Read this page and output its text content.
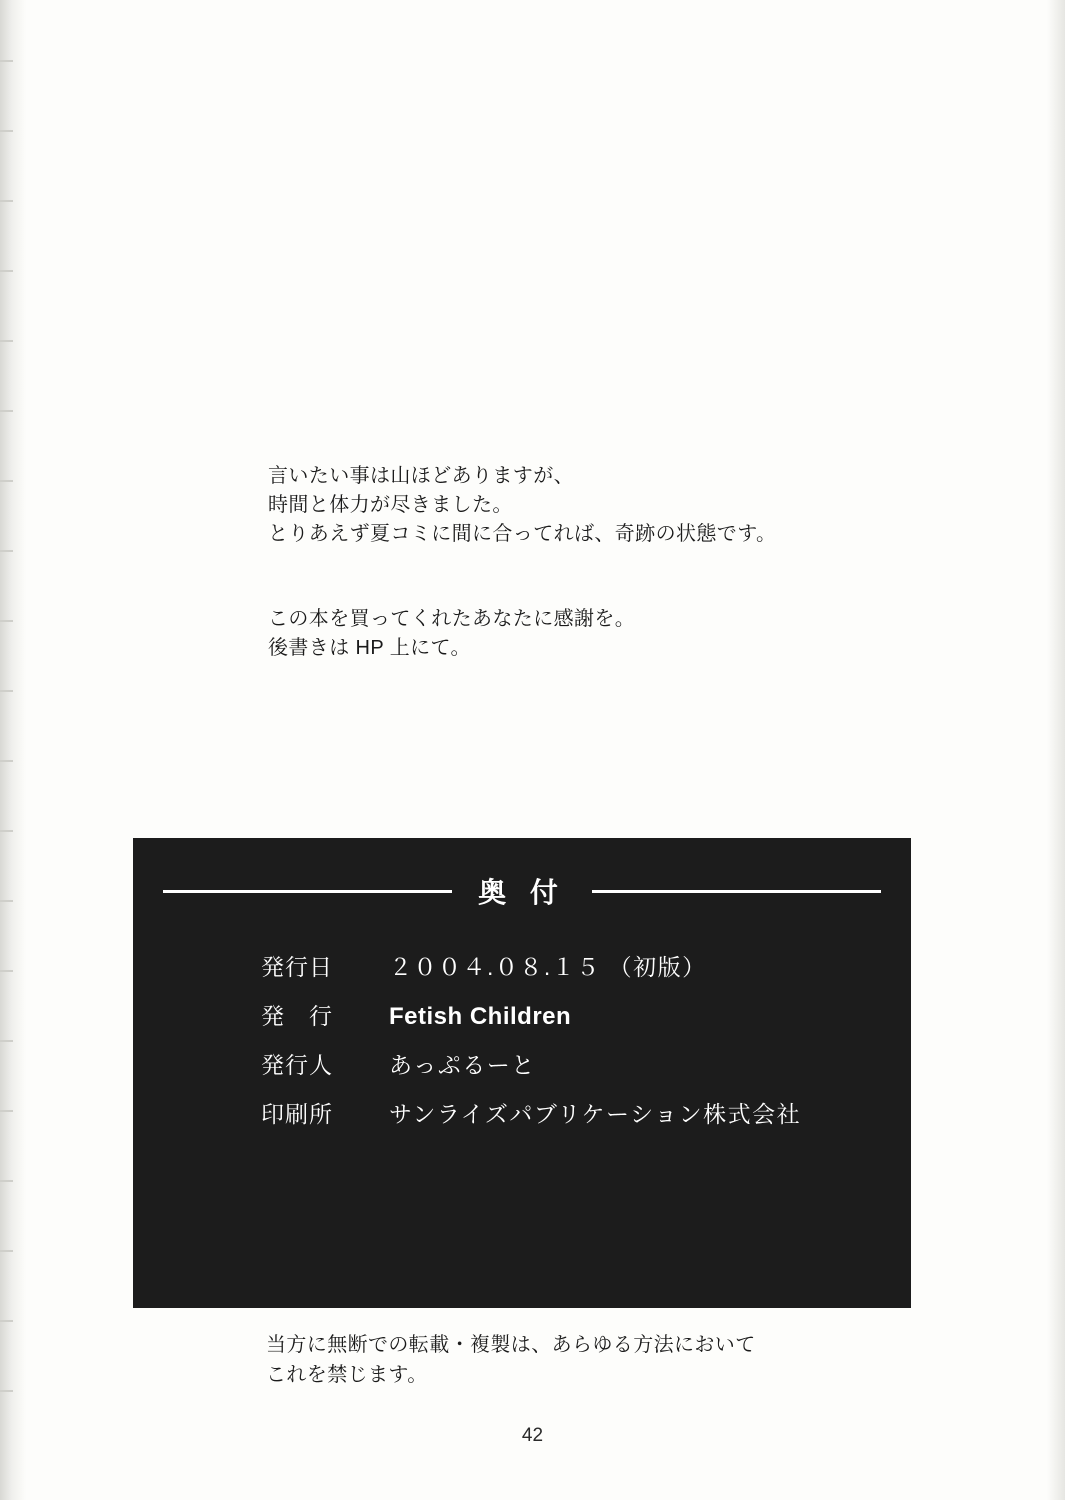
言いたい事は山ほどありますが、

時間と体力が尽きました。

とりあえず夏コミに間に合ってれば、奇跡の状態です。

この本を買ってくれたあなたに感謝を。

後書きは HP 上にて。

奥 付
発行日	２００４.０８.１５ （初版）
発　行	Fetish Children
発行人	あっぷるーと
印刷所	サンライズパブリケーション株式会社

当方に無断での転載・複製は、あらゆる方法において

これを禁じます。

42
